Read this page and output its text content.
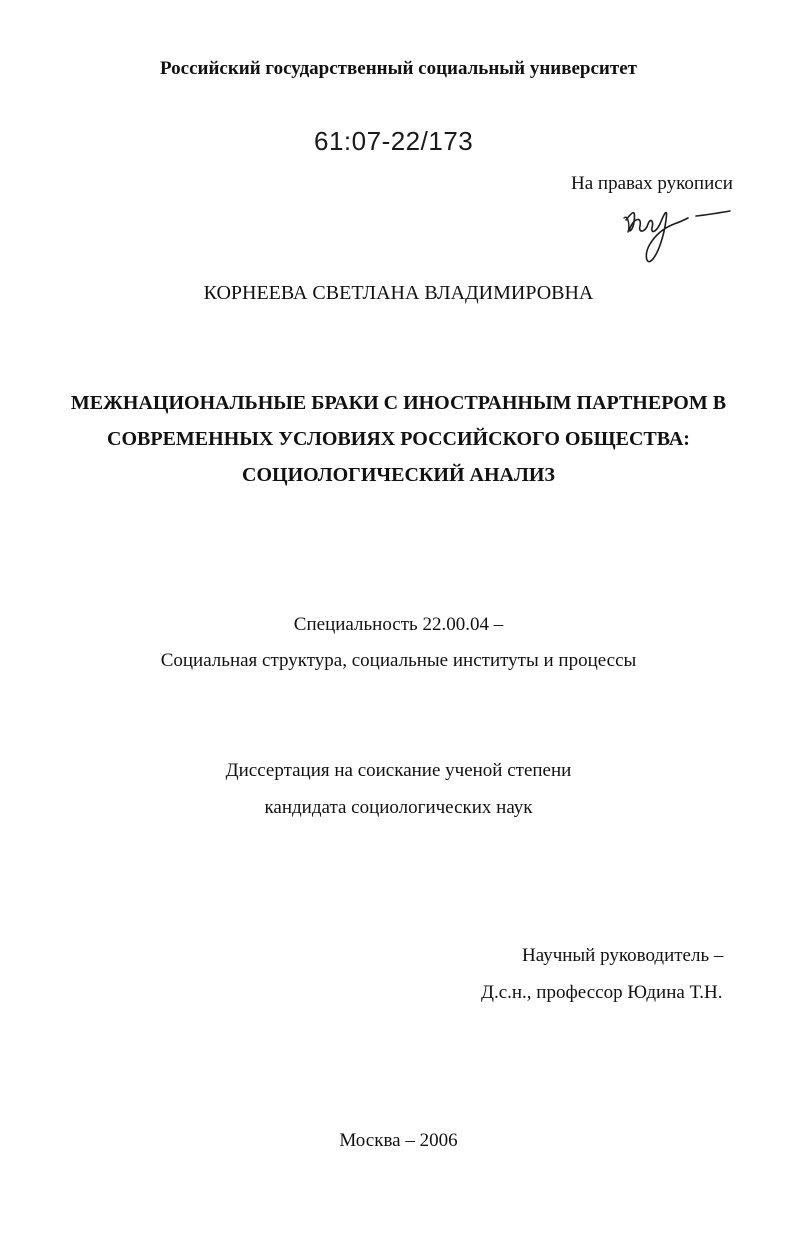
Российский государственный социальный университет
61:07-22/173
На правах рукописи
КОРНЕЕВА СВЕТЛАНА ВЛАДИМИРОВНА
МЕЖНАЦИОНАЛЬНЫЕ БРАКИ С ИНОСТРАННЫМ ПАРТНЕРОМ В
СОВРЕМЕННЫХ УСЛОВИЯХ РОССИЙСКОГО ОБЩЕСТВА:
СОЦИОЛОГИЧЕСКИЙ АНАЛИЗ
Специальность 22.00.04 –
Социальная структура, социальные институты и процессы
Диссертация на соискание ученой степени
кандидата социологических наук
Научный руководитель –
Д.с.н., профессор Юдина Т.Н.
Москва – 2006
